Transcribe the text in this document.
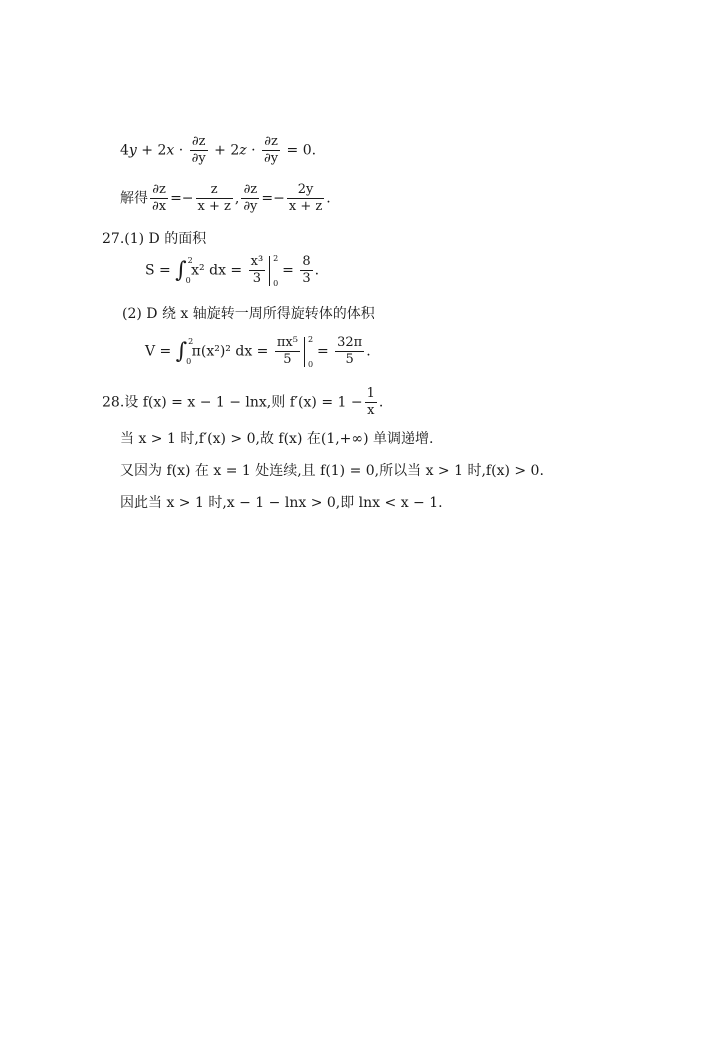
$4y + 2x \cdot \frac{\partial z}{\partial y} + 2z \cdot \frac{\partial z}{\partial y} = 0$.
解得 $\frac{\partial z}{\partial x} =- \frac{z}{x + z}$ , $\frac{\partial z}{\partial y} =- \frac{2y}{x + z}$ .
27.(1) D 的面积
S = ∫ 2
0
x² dx = $\frac{\text{x³}}{3} 2$
0
= $\frac{8}{3}$ .
(2) D 绕 x 轴旋转一周所得旋转体的体积
V = ∫ 2
0
π(x²)² dx = $\frac{\text{πx⁵}}{5} 2$
0
= $\frac{32\pi}{5}$ .
28.设 f(x) = x − 1 − lnx,则 $f'(x) = 1 - \frac{1}{x}$ .
当 x > 1 时,f′(x) > 0,故 f(x) 在(1,+∞) 单调递增.
又因为 f(x) 在 x = 1 处连续,且 f(1) = 0,所以当 x > 1 时,f(x) > 0.
因此当 x > 1 时,x − 1 − lnx > 0,即 lnx < x − 1.
